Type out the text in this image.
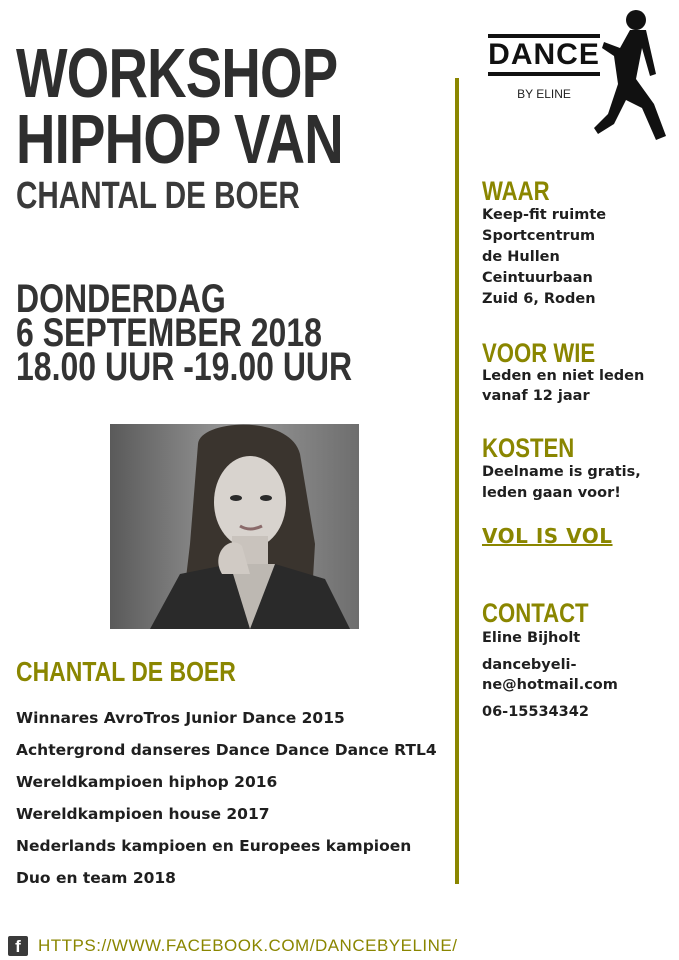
WORKSHOP
HIPHOP VAN
CHANTAL DE BOER
DONDERDAG
6 SEPTEMBER 2018
18.00 UUR -19.00 UUR
CHANTAL DE BOER
Winnares AvroTros Junior Dance 2015
Achtergrond danseres Dance Dance Dance RTL4
Wereldkampioen hiphop 2016
Wereldkampioen house 2017
Nederlands kampioen en Europees kampioen
Duo en team 2018
DANCE
BY ELINE
WAAR
Keep-fit ruimte
Sportcentrum
de Hullen
Ceintuurbaan
Zuid 6, Roden
VOOR WIE
Leden en niet leden
vanaf 12 jaar
KOSTEN
Deelname is gratis,
leden gaan voor!
VOL IS VOL
CONTACT
Eline Bijholt
dancebyeli-
ne@hotmail.com
06-15534342
f	HTTPS://WWW.FACEBOOK.COM/DANCEBYELINE/
